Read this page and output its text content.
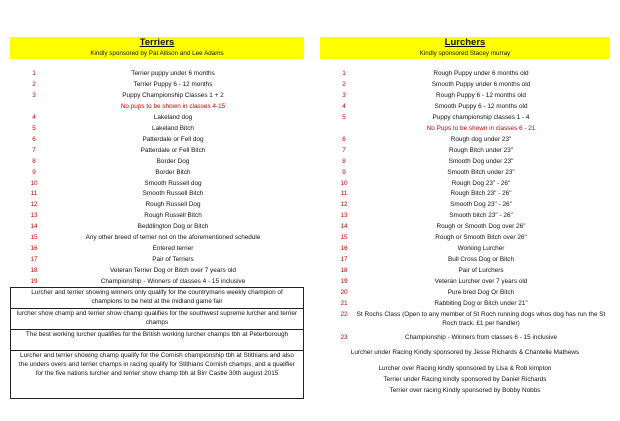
Terriers
Kindly sponsored by Pat Allison and Lee Adams
1	Terrier puppy under 6 months
2	Terrier Puppy 6 - 12 months
3	Puppy Championship Classes 1 + 2
No pups to be shown in classes 4-15
4	Lakeland dog
5	Lakeland Bitch
6	Patterdale or Fell dog
7	Patterdale or Fell Bitch
8	Border Dog
9	Border Bitch
10	Smooth Russell dog
11	Smooth Russell Bitch
12	Rough Russell Dog
13	Rough Russell Bitch
14	Beddlington Dog or Bitch
15	Any other breed of terrier not on the aforementioned schedule
16	Entered terrier
17	Pair of Terriers
18	Veteran Terrier Dog or Bitch over 7 years old
19	Championship - Winners of classes 4 - 15 inclusive
Lurcher and terrier showing winners only qualify for the countrymans weekly champion of champions to be held at the midland game fair
lurcher show champ and terrier show champ qualifies for the southwest supreme lurcher and terrier champs
The best working lurcher qualifies for the British working lurcher champs tbh at Peterborough
Lurcher and terrier showing champ qualify for the Cornish championship tbh at Stithians and also the unders overs and terrier champs in racing qualify for Stithians Cornish champs, and a qualifier for the five nations lurcher and terrier show champ tbh at Birr Castle 30th august 2015
Lurchers
Kindly sponsored Stacey murray
1	Rough Puppy under 6 months old
2	Smooth Puppy under 6 months old
3	Rough Puppy 6 - 12 months old
4	Smooth Puppy 6 - 12 months old
5	Puppy championship classes 1 - 4
No Pups to be shown in classes 6 - 21
6	Rough dog under 23"
7	Rough Bitch under 23"
8	Smooth Dog under 23"
9	Smooth Bitch under 23"
10	Rough Dog 23" - 26"
11	Rough Bitch 23" - 26"
12	Smooth Dog 23" - 26"
13	Smooth bitch 23" - 26"
14	Rough or Smooth Dog over 26"
15	Rough or Smooth Bitch over 26"
16	Working Lurcher
17	Bull Cross Dog or Bitch
18	Pair of Lurchers
19	Veteran Lurcher over 7 years old
20	Pure bred Dog Or Bitch
21	Rabbiting Dog or Bitch under 21"
22	St Rochs Class (Open to any member of St Roch running dogs whos dog has run the St Roch track. £1 per handler)
23	Championship - Winners from classes 6 - 15 inclusive
Lurcher under Racing Kindly sponsored by Jesse Richards & Chantelle Mathews
Lurcher over Racing kindly sponsored by Lisa & Rob kimpton
Terrier under Racing kindly sponsored by Daniel Richards
Terrier over racing Kindly sponsored by Bobby Nobbs
